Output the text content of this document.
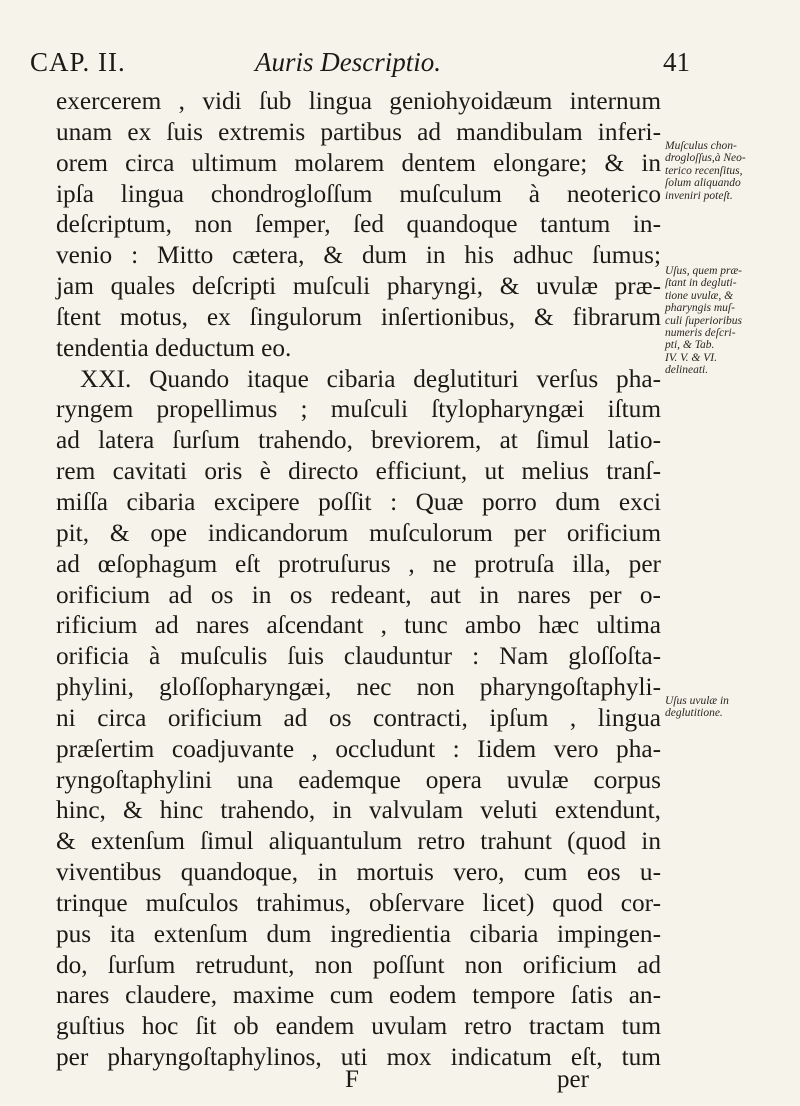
CAP. II.	Auris Descriptio.	41
exercerem , vidi ſub lingua geniohyoidæum internum
unam ex ſuis extremis partibus ad mandibulam inferi-
orem circa ultimum molarem dentem elongare; & in
ipſa lingua chondrogloſſum muſculum à neoterico
deſcriptum, non ſemper, ſed quandoque tantum in-
venio : Mitto cætera, & dum in his adhuc ſumus;
jam quales deſcripti muſculi pharyngi, & uvulæ præ-
ſtent motus, ex ſingulorum inſertionibus, & fibrarum
tendentia deductum eo.
XXI. Quando itaque cibaria deglutituri verſus pha-
ryngem propellimus ; muſculi ſtylopharyngæi iſtum
ad latera ſurſum trahendo, breviorem, at ſimul latio-
rem cavitati oris è directo efficiunt, ut melius tranſ-
miſſa cibaria excipere poſſit : Quæ porro dum exci
pit, & ope indicandorum muſculorum per orificium
ad œſophagum eſt protruſurus , ne protruſa illa, per
orificium ad os in os redeant, aut in nares per o-
rificium ad nares aſcendant , tunc ambo hæc ultima
orificia à muſculis ſuis clauduntur : Nam gloſſoſta-
phylini, gloſſopharyngæi, nec non pharyngoſtaphyli-
ni circa orificium ad os contracti, ipſum , lingua
præſertim coadjuvante , occludunt : Iidem vero pha-
ryngoſtaphylini una eademque opera uvulæ corpus
hinc, & hinc trahendo, in valvulam veluti extendunt,
& extenſum ſimul aliquantulum retro trahunt (quod in
viventibus quandoque, in mortuis vero, cum eos u-
trinque muſculos trahimus, obſervare licet) quod cor-
pus ita extenſum dum ingredientia cibaria impingen-
do, ſurſum retrudunt, non poſſunt non orificium ad
nares claudere, maxime cum eodem tempore ſatis an-
guſtius hoc ſit ob eandem uvulam retro tractam tum
per pharyngoſtaphylinos, uti mox indicatum eſt, tum
Muſculus chon-
drogloſſus,à Neo-
terico recenſitus,
ſolum aliquando
inveniri poteſt.
Uſus, quem præ-
ſtant in degluti-
tione uvulæ, &
pharyngis muſ-
culi ſuperioribus
numeris deſcri-
pti, & Tab.
IV. V. & VI.
delineati.
Uſus uvulæ in
deglutitione.
F	per
